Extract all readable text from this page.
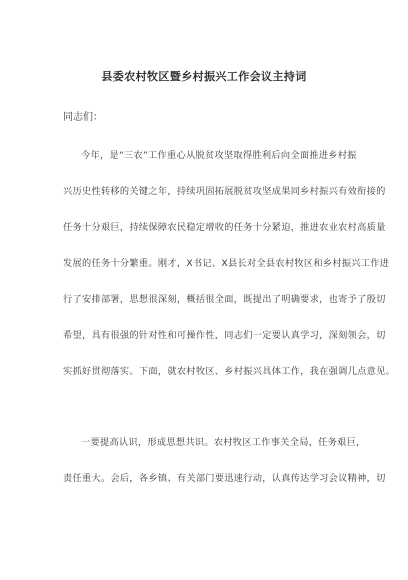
县委农村牧区暨乡村振兴工作会议主持词
同志们：
今年，是“三农”工作重心从脱贫攻坚取得胜利后向全面推进乡村振
兴历史性转移的关键之年，持续巩固拓展脱贫攻坚成果同乡村振兴有效衔接的
任务十分艰巨，持续保障农民稳定增收的任务十分紧迫，推进农业农村高质量
发展的任务十分繁重。刚才，X书记、X县长对全县农村牧区和乡村振兴工作进
行了安排部署，思想很深刻，概括很全面，既提出了明确要求，也寄予了殷切
希望，具有很强的针对性和可操作性，同志们一定要认真学习，深刻领会，切
实抓好贯彻落实。下面，就农村牧区、乡村振兴具体工作，我在强调几点意见。
一要提高认识，形成思想共识。农村牧区工作事关全局，任务艰巨，
责任重大。会后，各乡镇、有关部门要迅速行动，认真传达学习会议精神，切
